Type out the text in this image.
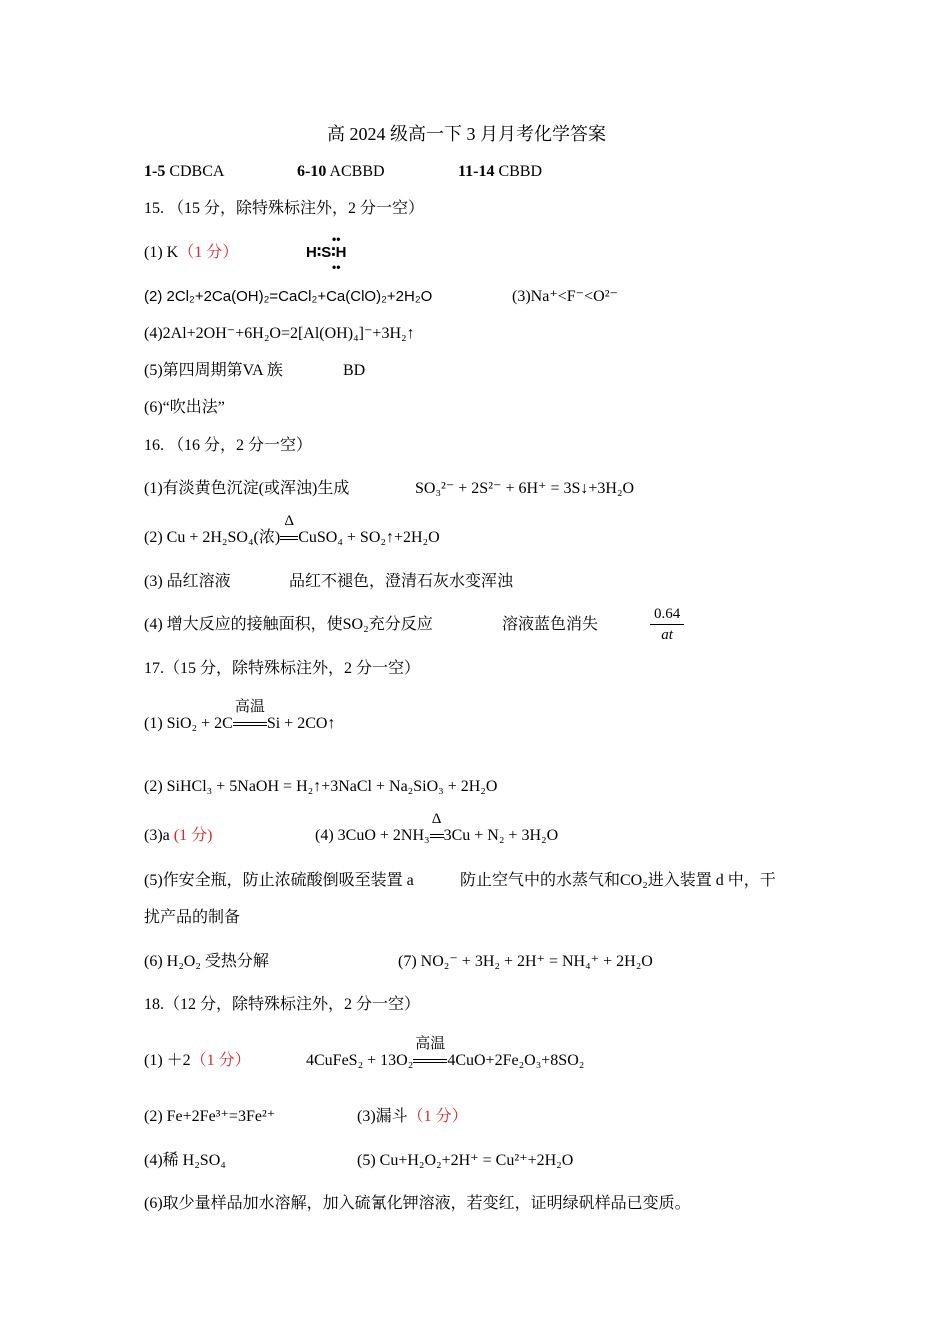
高 2024 级高一下 3 月月考化学答案
1-5 CDBCA	6-10 ACBBD	11-14 CBBD
15. （15 分，除特殊标注外，2 分一空）
(1) K（1 分）	H∶S∶H
••
••
(2) 2Cl₂+2Ca(OH)₂=CaCl₂+Ca(ClO)₂+2H₂O	(3)Na⁺<F⁻<O²⁻
(4)2Al+2OH⁻+6H₂O=2[Al(OH)₄]⁻+3H₂↑
(5)第四周期第VA 族	BD
(6)“吹出法”
16. （16 分，2 分一空）
(1)有淡黄色沉淀(或浑浊)生成	SO₃²⁻ + 2S²⁻ + 6H⁺ = 3S↓+3H₂O
(2) Cu + 2H₂SO₄(浓)
Δ
CuSO₄ + SO₂↑+2H₂O
(3) 品红溶液	品红不褪色，澄清石灰水变浑浊
(4) 增大反应的接触面积，使SO₂充分反应	溶液蓝色消失	$\frac{0.64}{at}$
17.（15 分，除特殊标注外，2 分一空）
(1) SiO₂ + 2C
高温
Si + 2CO↑
(2) SiHCl₃ + 5NaOH = H₂↑+3NaCl + Na₂SiO₃ + 2H₂O
(3)a (1 分)	(4) 3CuO + 2NH₃
Δ
3Cu + N₂ + 3H₂O
(5)作安全瓶，防止浓硫酸倒吸至装置 a	防止空气中的水蒸气和CO₂进入装置 d 中，干
扰产品的制备
(6) H₂O₂ 受热分解	(7) NO₂⁻ + 3H₂ + 2H⁺ = NH₄⁺ + 2H₂O
18.（12 分，除特殊标注外，2 分一空）
(1) ＋2（1 分）	4CuFeS₂ + 13O₂
高温
4CuO+2Fe₂O₃+8SO₂
(2) Fe+2Fe³⁺=3Fe²⁺	(3)漏斗（1 分）
(4)稀 H₂SO₄	(5) Cu+H₂O₂+2H⁺ = Cu²⁺+2H₂O
(6)取少量样品加水溶解，加入硫氰化钾溶液，若变红，证明绿矾样品已变质。
